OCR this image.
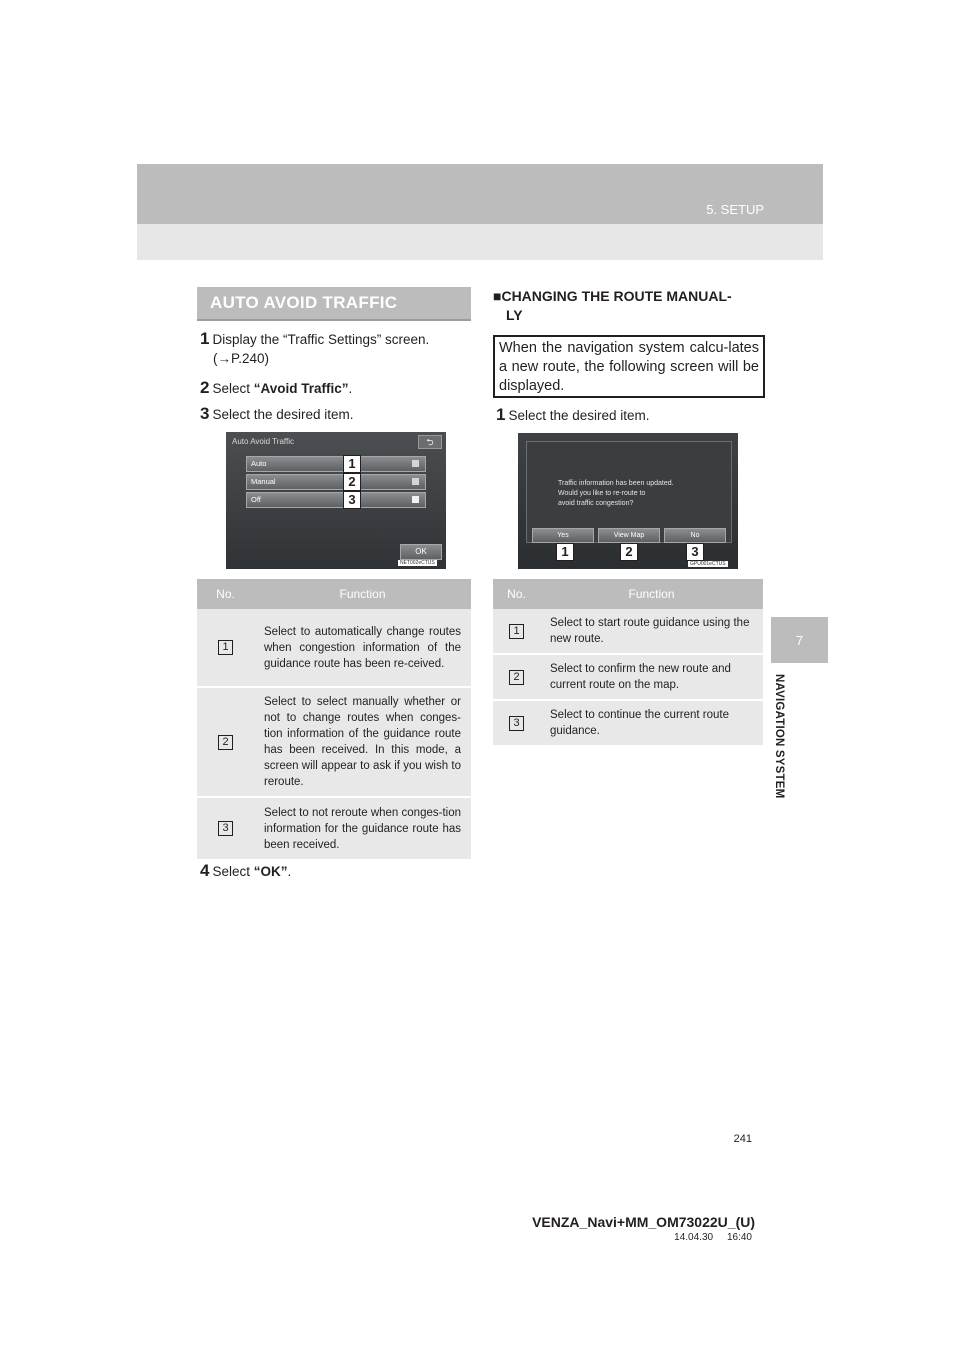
5. SETUP
7
NAVIGATION SYSTEM
AUTO AVOID TRAFFIC
1 Display the “Traffic Settings” screen.
(→P.240)
2 Select “Avoid Traffic”.
3 Select the desired item.
Auto Avoid Traffic	⮌
Auto
Manual
Off
1
2
3
OK
NET002eCTUS
No.	Function
1	Select to automatically change routes when congestion information of the guidance route has been re-ceived.
2	Select to select manually whether or not to change routes when conges-tion information of the guidance route has been received. In this mode, a screen will appear to ask if you wish to reroute.
3	Select to not reroute when conges-tion information for the guidance route has been received.
4 Select “OK”.
■CHANGING THE ROUTE MANUAL-
LY
When the navigation system calcu-lates a new route, the following screen will be displayed.
1 Select the desired item.
Traffic information has been updated.
Would you like to re-route to
avoid traffic congestion?
Yes	View Map	No
1	2	3
GPU001eCTUS
No.	Function
1	Select to start route guidance using the new route.
2	Select to confirm the new route and current route on the map.
3	Select to continue the current route guidance.
241
VENZA_Navi+MM_OM73022U_(U)
14.04.30     16:40
